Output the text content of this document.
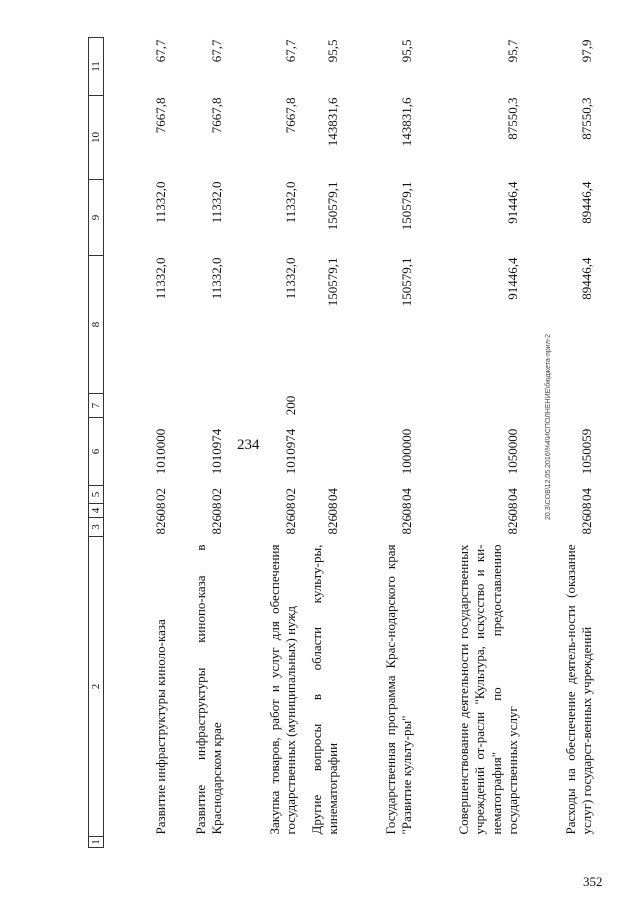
234	20.3\COB\12.05.2016\%4\ИСПОЛНЕНИЕ\бюджета-прил-2
352
1	2	3	4	5	6	7	8	9	10	11
	Развитие инфраструктуры киноло-каза	826	08	02	1010000		11332,0	11332,0	7667,8	67,7
	Развитие инфраструктуры кинопо-каза в Краснодарском крае	826	08	02	1010974		11332,0	11332,0	7667,8	67,7
	Закупка товаров, работ и услуг для обеспечения государственных (муниципальных) нужд	826	08	02	1010974	200	11332,0	11332,0	7667,8	67,7
	Другие вопросы в области культу-ры, кинематографии	826	08	04			150579,1	150579,1	143831,6	95,5
	Государственная программа Крас-нодарского края "Развитие культу-ры"	826	08	04	1000000		150579,1	150579,1	143831,6	95,5
	Совершенствование деятельности государственных учреждений от-расли "Культура, искусство и ки-нематография" по предоставлению государственных услуг	826	08	04	1050000		91446,4	91446,4	87550,3	95,7
	Расходы на обеспечение деятель-ности (оказание услуг) государст-венных учреждений	826	08	04	1050059		89446,4	89446,4	87550,3	97,9
